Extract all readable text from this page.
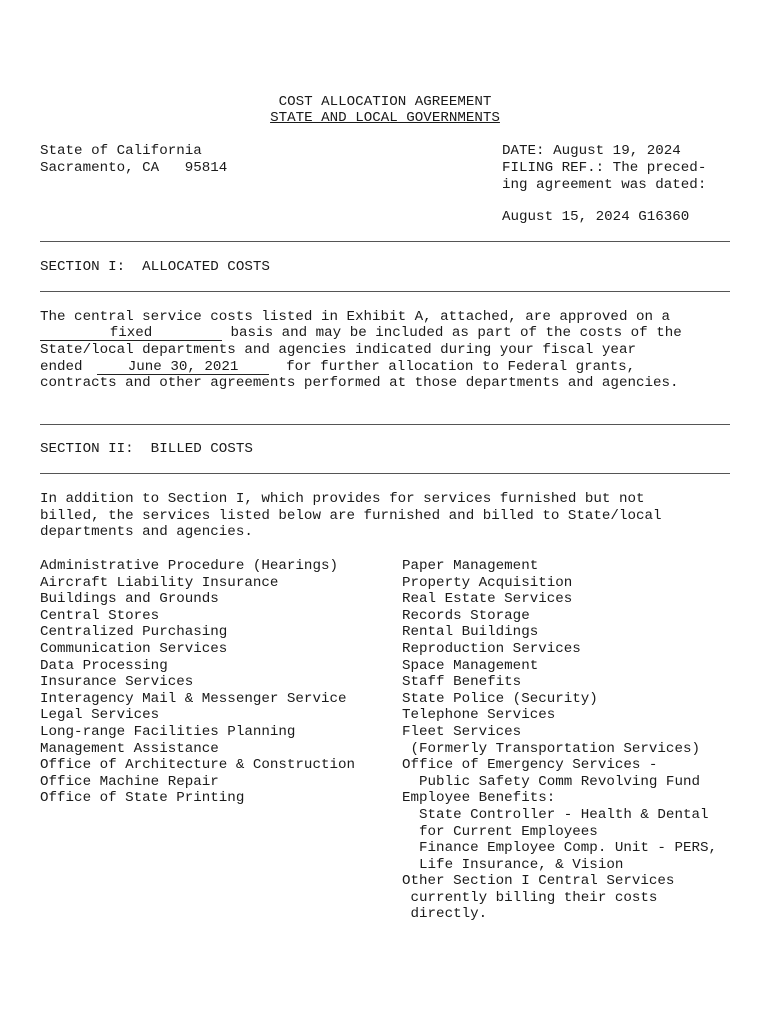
COST ALLOCATION AGREEMENT
STATE AND LOCAL GOVERNMENTS
State of California
Sacramento, CA   95814
DATE: August 19, 2024
FILING REF.: The preced-
ing agreement was dated:
August 15, 2024 G16360
SECTION I:  ALLOCATED COSTS
The central service costs listed in Exhibit A, attached, are approved on a
fixed	basis and may be included as part of the costs of the
State/local departments and agencies indicated during your fiscal year
ended	June 30, 2021  for further allocation to Federal grants,
contracts and other agreements performed at those departments and agencies.
SECTION II:  BILLED COSTS
In addition to Section I, which provides for services furnished but not
billed, the services listed below are furnished and billed to State/local
departments and agencies.
Administrative Procedure (Hearings)
Aircraft Liability Insurance
Buildings and Grounds
Central Stores
Centralized Purchasing
Communication Services
Data Processing
Insurance Services
Interagency Mail & Messenger Service
Legal Services
Long-range Facilities Planning
Management Assistance
Office of Architecture & Construction
Office Machine Repair
Office of State Printing
Paper Management
Property Acquisition
Real Estate Services
Records Storage
Rental Buildings
Reproduction Services
Space Management
Staff Benefits
State Police (Security)
Telephone Services
Fleet Services
(Formerly Transportation Services)
Office of Emergency Services -
Public Safety Comm Revolving Fund
Employee Benefits:
State Controller - Health & Dental
for Current Employees
Finance Employee Comp. Unit - PERS,
Life Insurance, & Vision
Other Section I Central Services
currently billing their costs
directly.
